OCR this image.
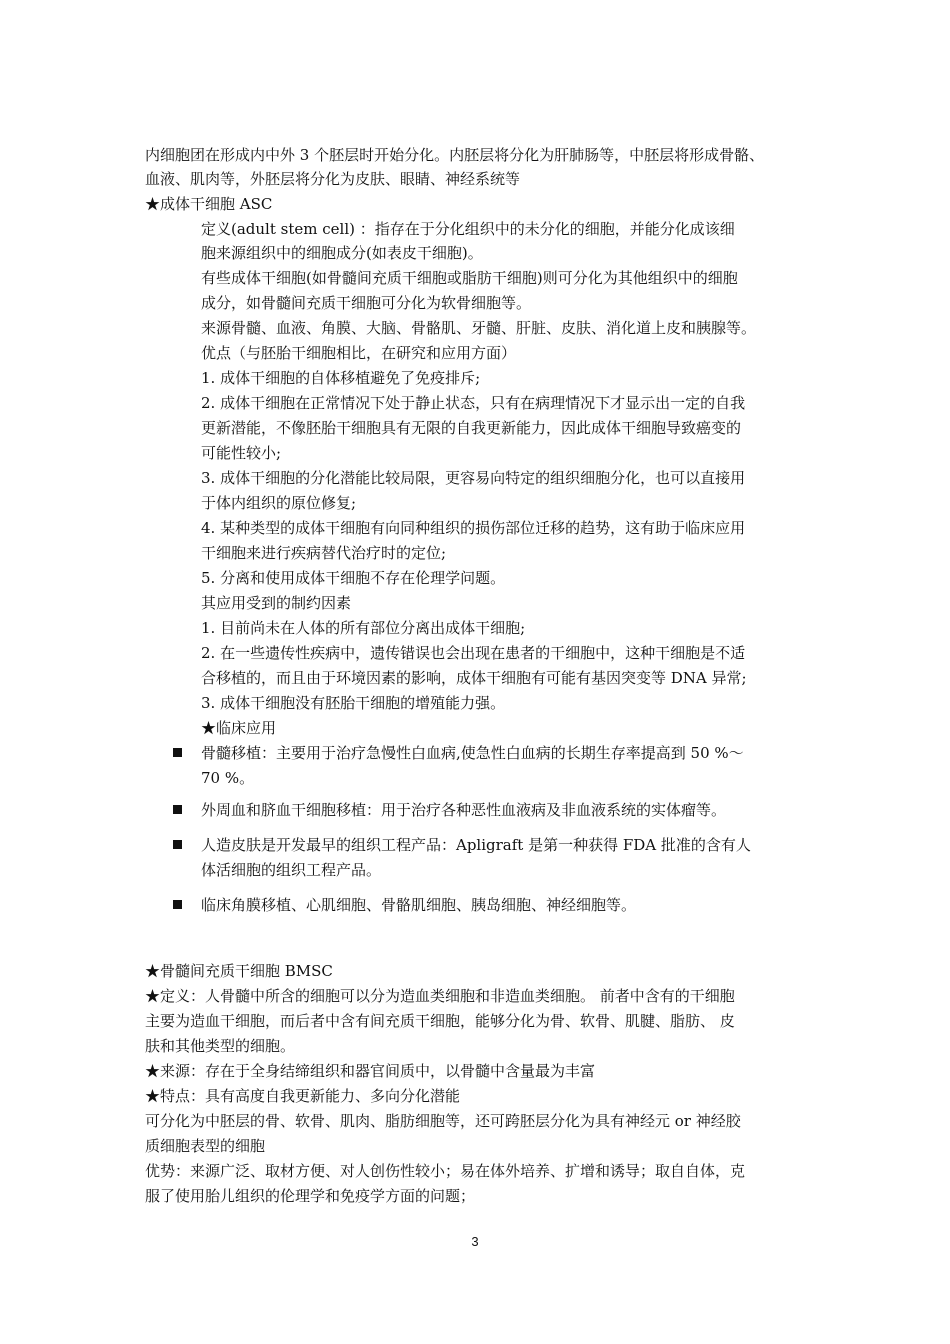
内细胞团在形成内中外 3 个胚层时开始分化。内胚层将分化为肝肺肠等，中胚层将形成骨骼、
血液、肌肉等，外胚层将分化为皮肤、眼睛、神经系统等
★成体干细胞 ASC
定义(adult stem cell) ：指存在于分化组织中的未分化的细胞，并能分化成该细
胞来源组织中的细胞成分(如表皮干细胞)。
有些成体干细胞(如骨髓间充质干细胞或脂肪干细胞)则可分化为其他组织中的细胞
成分，如骨髓间充质干细胞可分化为软骨细胞等。
来源骨髓、血液、角膜、大脑、骨骼肌、牙髓、肝脏、皮肤、消化道上皮和胰腺等。
优点（与胚胎干细胞相比，在研究和应用方面）
1. 成体干细胞的自体移植避免了免疫排斥;
2. 成体干细胞在正常情况下处于静止状态，只有在病理情况下才显示出一定的自我
更新潜能，不像胚胎干细胞具有无限的自我更新能力，因此成体干细胞导致癌变的
可能性较小;
3. 成体干细胞的分化潜能比较局限，更容易向特定的组织细胞分化，也可以直接用
于体内组织的原位修复;
4. 某种类型的成体干细胞有向同种组织的损伤部位迁移的趋势，这有助于临床应用
干细胞来进行疾病替代治疗时的定位;
5. 分离和使用成体干细胞不存在伦理学问题。
其应用受到的制约因素
1. 目前尚未在人体的所有部位分离出成体干细胞;
2. 在一些遗传性疾病中，遗传错误也会出现在患者的干细胞中，这种干细胞是不适
合移植的，而且由于环境因素的影响，成体干细胞有可能有基因突变等 DNA 异常;
3. 成体干细胞没有胚胎干细胞的增殖能力强。
★临床应用
骨髓移植：主要用于治疗急慢性白血病,使急性白血病的长期生存率提高到 50 %～
70 %。
外周血和脐血干细胞移植：用于治疗各种恶性血液病及非血液系统的实体瘤等。
人造皮肤是开发最早的组织工程产品：Apligraft 是第一种获得 FDA 批准的含有人
体活细胞的组织工程产品。
临床角膜移植、心肌细胞、骨骼肌细胞、胰岛细胞、神经细胞等。
★骨髓间充质干细胞 BMSC
★定义：人骨髓中所含的细胞可以分为造血类细胞和非造血类细胞。 前者中含有的干细胞
主要为造血干细胞，而后者中含有间充质干细胞，能够分化为骨、软骨、肌腱、脂肪、 皮
肤和其他类型的细胞。
★来源：存在于全身结缔组织和器官间质中，以骨髓中含量最为丰富
★特点：具有高度自我更新能力、多向分化潜能
可分化为中胚层的骨、软骨、肌肉、脂肪细胞等，还可跨胚层分化为具有神经元 or 神经胶
质细胞表型的细胞
优势：来源广泛、取材方便、对人创伤性较小；易在体外培养、扩增和诱导；取自自体，克
服了使用胎儿组织的伦理学和免疫学方面的问题；
3
